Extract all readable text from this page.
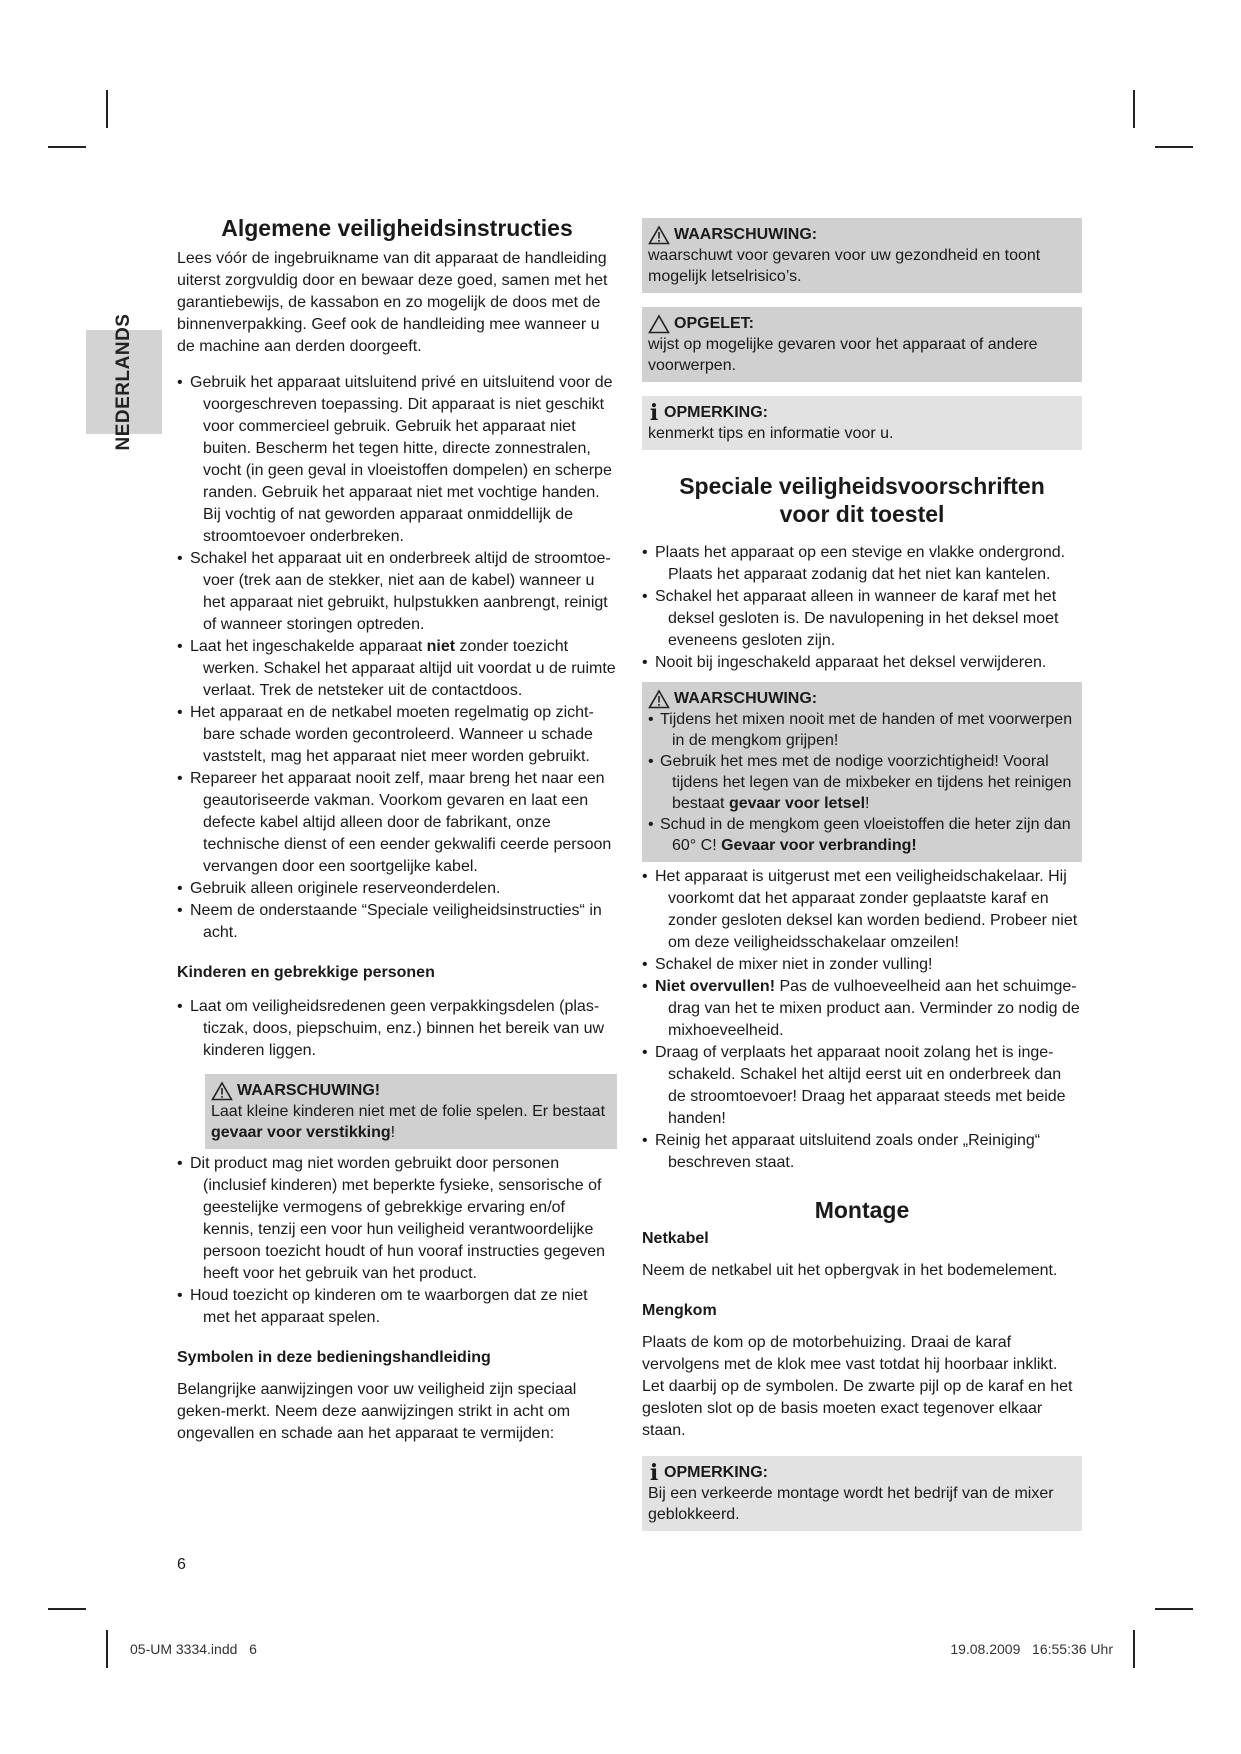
NEDERLANDS
Algemene veiligheidsinstructies

Lees vóór de ingebruikname van dit apparaat de handleiding uiterst zorgvuldig door en bewaar deze goed, samen met het garantiebewijs, de kassabon en zo mogelijk de doos met de binnenverpakking. Geef ook de handleiding mee wanneer u de machine aan derden doorgeeft.

• Gebruik het apparaat uitsluitend privé en uitsluitend voor de voorgeschreven toepassing. Dit apparaat is niet geschikt voor commercieel gebruik. Gebruik het apparaat niet buiten. Bescherm het tegen hitte, directe zonnestralen, vocht (in geen geval in vloeistoffen dompelen) en scherpe randen. Gebruik het apparaat niet met vochtige handen. Bij vochtig of nat geworden apparaat onmiddellijk de stroomtoevoer onderbreken.
• Schakel het apparaat uit en onderbreek altijd de stroomtoe-voer (trek aan de stekker, niet aan de kabel) wanneer u het apparaat niet gebruikt, hulpstukken aanbrengt, reinigt of wanneer storingen optreden.
• Laat het ingeschakelde apparaat niet zonder toezicht werken. Schakel het apparaat altijd uit voordat u de ruimte verlaat. Trek de netsteker uit de contactdoos.
• Het apparaat en de netkabel moeten regelmatig op zicht-bare schade worden gecontroleerd. Wanneer u schade vaststelt, mag het apparaat niet meer worden gebruikt.
• Repareer het apparaat nooit zelf, maar breng het naar een geautoriseerde vakman. Voorkom gevaren en laat een defecte kabel altijd alleen door de fabrikant, onze technische dienst of een eender gekwalifi ceerde persoon vervangen door een soortgelijke kabel.
• Gebruik alleen originele reserveonderdelen.
• Neem de onderstaande “Speciale veiligheidsinstructies“ in acht.

Kinderen en gebrekkige personen

• Laat om veiligheidsredenen geen verpakkingsdelen (plas-ticzak, doos, piepschuim, enz.) binnen het bereik van uw kinderen liggen.
WAARSCHUWING!
Laat kleine kinderen niet met de folie spelen. Er bestaat gevaar voor verstikking!
• Dit product mag niet worden gebruikt door personen (inclusief kinderen) met beperkte fysieke, sensorische of geestelijke vermogens of gebrekkige ervaring en/of kennis, tenzij een voor hun veiligheid verantwoordelijke persoon toezicht houdt of hun vooraf instructies gegeven heeft voor het gebruik van het product.
• Houd toezicht op kinderen om te waarborgen dat ze niet met het apparaat spelen.

Symbolen in deze bedieningshandleiding

Belangrijke aanwijzingen voor uw veiligheid zijn speciaal geken-merkt. Neem deze aanwijzingen strikt in acht om ongevallen en schade aan het apparaat te vermijden:

WAARSCHUWING:
waarschuwt voor gevaren voor uw gezondheid en toont mogelijk letselrisico’s.
OPGELET:
wijst op mogelijke gevaren voor het apparaat of andere voorwerpen.
i OPMERKING:
kenmerkt tips en informatie voor u.
Speciale veiligheidsvoorschriften
voor dit toestel
• Plaats het apparaat op een stevige en vlakke ondergrond. Plaats het apparaat zodanig dat het niet kan kantelen.
• Schakel het apparaat alleen in wanneer de karaf met het deksel gesloten is. De navulopening in het deksel moet eveneens gesloten zijn.
• Nooit bij ingeschakeld apparaat het deksel verwijderen.
WAARSCHUWING:
• Tijdens het mixen nooit met de handen of met voorwerpen in de mengkom grijpen!
• Gebruik het mes met de nodige voorzichtigheid! Vooral tijdens het legen van de mixbeker en tijdens het reinigen bestaat gevaar voor letsel!
• Schud in de mengkom geen vloeistoffen die heter zijn dan 60° C! Gevaar voor verbranding!
• Het apparaat is uitgerust met een veiligheidschakelaar. Hij voorkomt dat het apparaat zonder geplaatste karaf en zonder gesloten deksel kan worden bediend. Probeer niet om deze veiligheidsschakelaar omzeilen!
• Schakel de mixer niet in zonder vulling!
• Niet overvullen! Pas de vulhoeveelheid aan het schuimge-drag van het te mixen product aan. Verminder zo nodig de mixhoeveelheid.
• Draag of verplaats het apparaat nooit zolang het is inge-schakeld. Schakel het altijd eerst uit en onderbreek dan de stroomtoevoer! Draag het apparaat steeds met beide handen!
• Reinig het apparaat uitsluitend zoals onder „Reiniging“ beschreven staat.
Montage

Netkabel

Neem de netkabel uit het opbergvak in het bodemelement.

Mengkom

Plaats de kom op de motorbehuizing. Draai de karaf vervolgens met de klok mee vast totdat hij hoorbaar inklikt. Let daarbij op de symbolen. De zwarte pijl op de karaf en het gesloten slot op de basis moeten exact tegenover elkaar staan.

i OPMERKING:
Bij een verkeerde montage wordt het bedrijf van de mixer geblokkeerd.
6
05-UM 3334.indd   6	19.08.2009   16:55:36 Uhr
